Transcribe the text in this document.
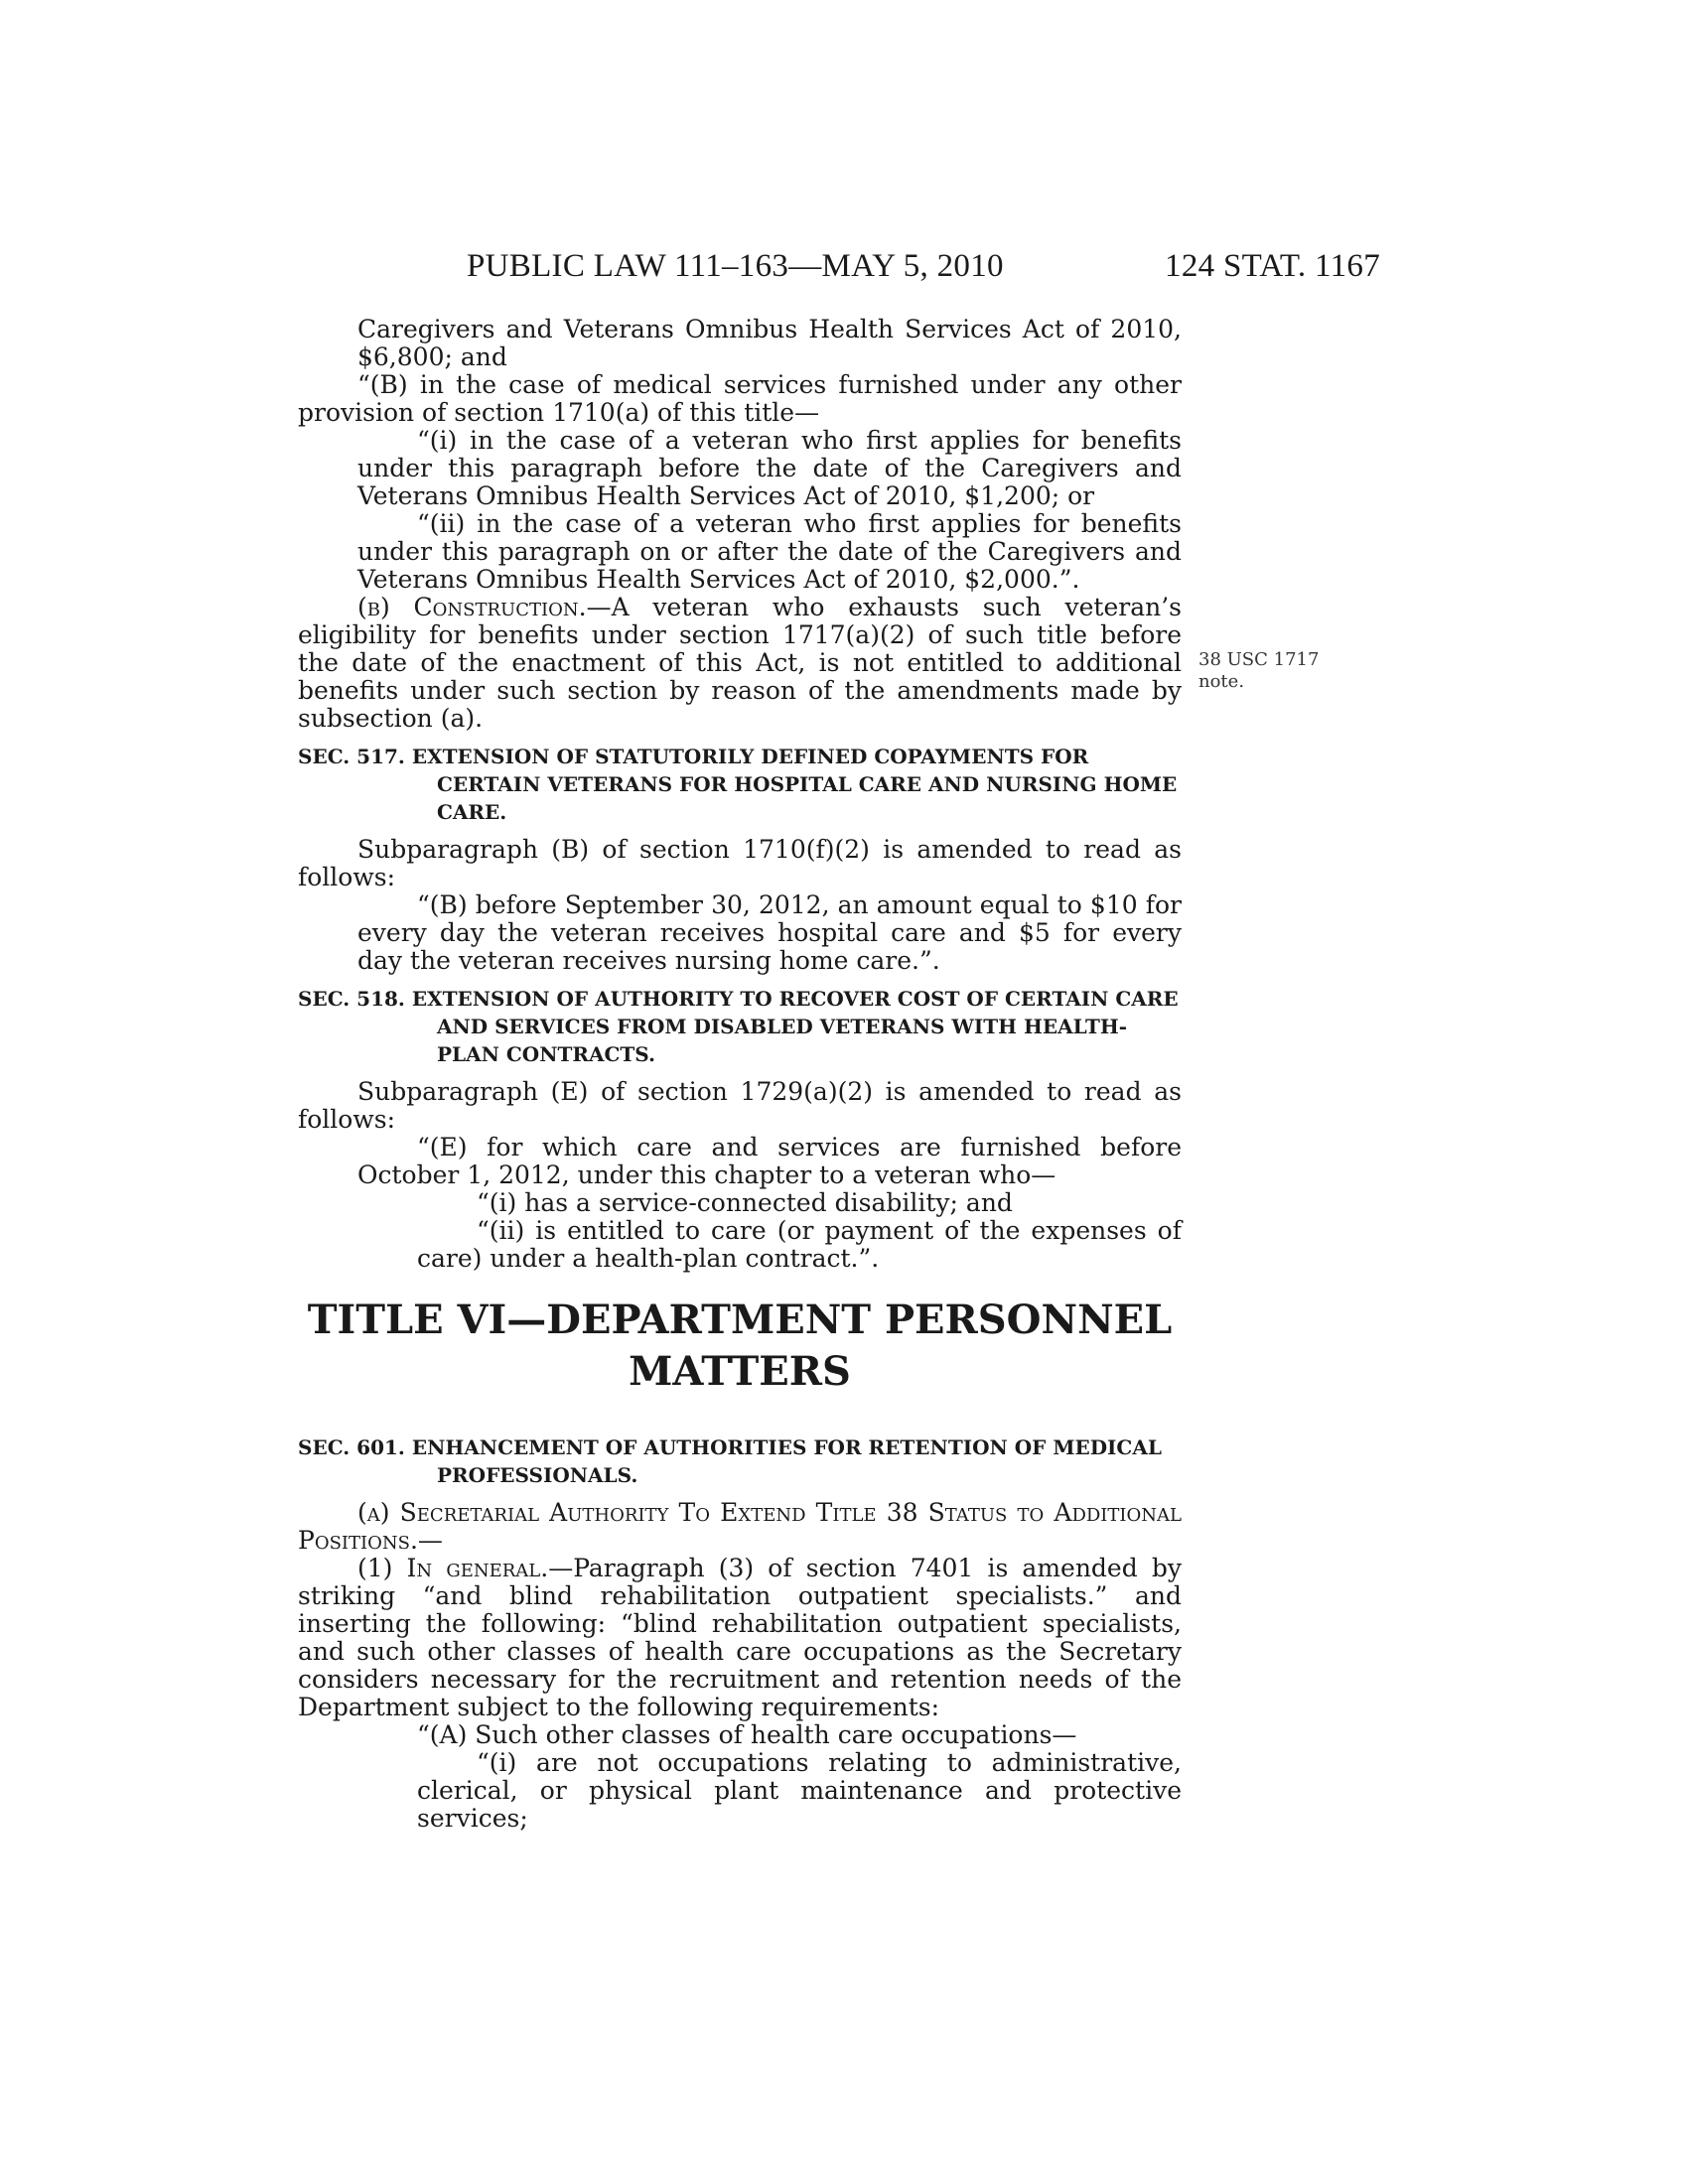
PUBLIC LAW 111–163—MAY 5, 2010	124 STAT. 1167
38 USC 1717
note.

Caregivers and Veterans Omnibus Health Services Act of 2010, $6,800; and

“(B) in the case of medical services furnished under any other provision of section 1710(a) of this title—

“(i) in the case of a veteran who first applies for benefits under this paragraph before the date of the Caregivers and Veterans Omnibus Health Services Act of 2010, $1,200; or

“(ii) in the case of a veteran who first applies for benefits under this paragraph on or after the date of the Caregivers and Veterans Omnibus Health Services Act of 2010, $2,000.”.

(b) Construction.—A veteran who exhausts such veteran’s eligibility for benefits under section 1717(a)(2) of such title before the date of the enactment of this Act, is not entitled to additional benefits under such section by reason of the amendments made by subsection (a).

SEC. 517. EXTENSION OF STATUTORILY DEFINED COPAYMENTS FOR CERTAIN VETERANS FOR HOSPITAL CARE AND NURSING HOME CARE.

Subparagraph (B) of section 1710(f)(2) is amended to read as follows:

“(B) before September 30, 2012, an amount equal to $10 for every day the veteran receives hospital care and $5 for every day the veteran receives nursing home care.”.

SEC. 518. EXTENSION OF AUTHORITY TO RECOVER COST OF CERTAIN CARE AND SERVICES FROM DISABLED VETERANS WITH HEALTH-PLAN CONTRACTS.

Subparagraph (E) of section 1729(a)(2) is amended to read as follows:

“(E) for which care and services are furnished before October 1, 2012, under this chapter to a veteran who—

“(i) has a service-connected disability; and

“(ii) is entitled to care (or payment of the expenses of care) under a health-plan contract.”.

TITLE VI—DEPARTMENT PERSONNEL MATTERS

SEC. 601. ENHANCEMENT OF AUTHORITIES FOR RETENTION OF MEDICAL PROFESSIONALS.

(a) Secretarial Authority To Extend Title 38 Status to Additional Positions.—

(1) In general.—Paragraph (3) of section 7401 is amended by striking “and blind rehabilitation outpatient specialists.” and inserting the following: “blind rehabilitation outpatient specialists, and such other classes of health care occupations as the Secretary considers necessary for the recruitment and retention needs of the Department subject to the following requirements:

“(A) Such other classes of health care occupations—

“(i) are not occupations relating to administrative, clerical, or physical plant maintenance and protective services;
